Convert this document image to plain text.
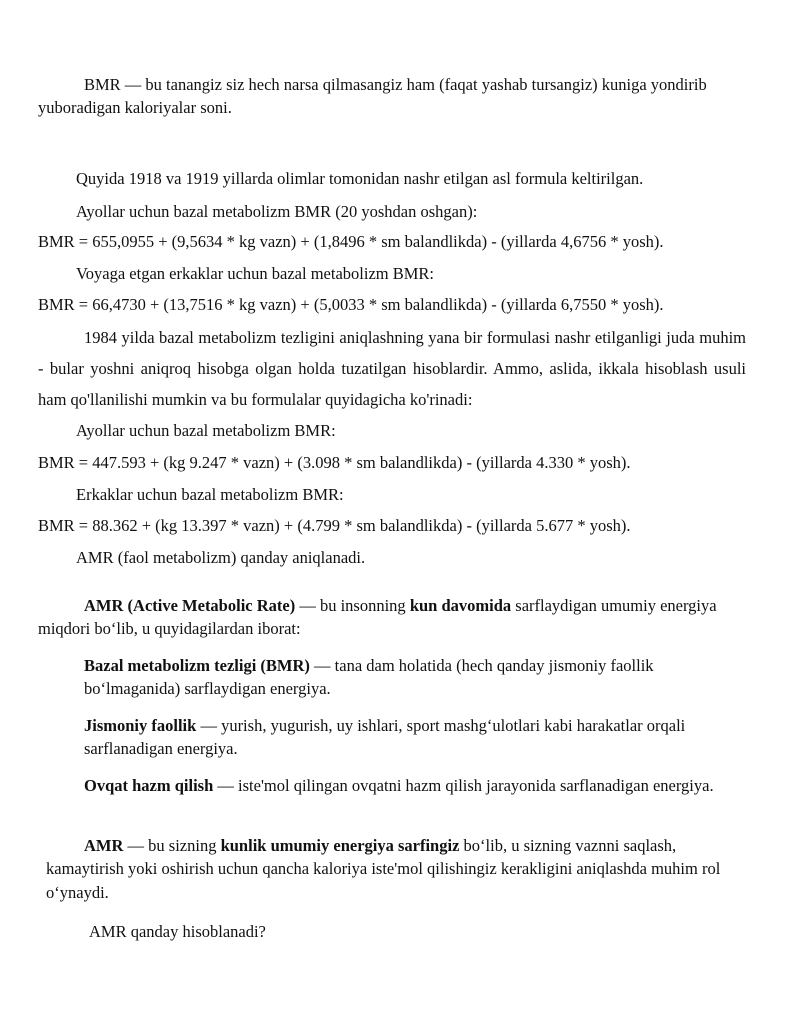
BMR — bu tanangiz siz hech narsa qilmasangiz ham (faqat yashab tursangiz) kuniga yondirib yuboradigan kaloriyalar soni.

Quyida 1918 va 1919 yillarda olimlar tomonidan nashr etilgan asl formula keltirilgan.

Ayollar uchun bazal metabolizm BMR (20 yoshdan oshgan):

BMR = 655,0955 + (9,5634 * kg vazn) + (1,8496 * sm balandlikda) - (yillarda 4,6756 * yosh).

Voyaga etgan erkaklar uchun bazal metabolizm BMR:

BMR = 66,4730 + (13,7516 * kg vazn) + (5,0033 * sm balandlikda) - (yillarda 6,7550 * yosh).

1984 yilda bazal metabolizm tezligini aniqlashning yana bir formulasi nashr etilganligi juda muhim - bular yoshni aniqroq hisobga olgan holda tuzatilgan hisoblardir. Ammo, aslida, ikkala hisoblash usuli ham qo'llanilishi mumkin va bu formulalar quyidagicha ko'rinadi:

Ayollar uchun bazal metabolizm BMR:

BMR = 447.593 + (kg 9.247 * vazn) + (3.098 * sm balandlikda) - (yillarda 4.330 * yosh).

Erkaklar uchun bazal metabolizm BMR:

BMR = 88.362 + (kg 13.397 * vazn) + (4.799 * sm balandlikda) - (yillarda 5.677 * yosh).

AMR (faol metabolizm) qanday aniqlanadi.

AMR (Active Metabolic Rate) — bu insonning kun davomida sarflaydigan umumiy energiya miqdori bo‘lib, u quyidagilardan iborat:

Bazal metabolizm tezligi (BMR) — tana dam holatida (hech qanday jismoniy faollik bo‘lmaganida) sarflaydigan energiya.

Jismoniy faollik — yurish, yugurish, uy ishlari, sport mashg‘ulotlari kabi harakatlar orqali sarflanadigan energiya.

Ovqat hazm qilish — iste'mol qilingan ovqatni hazm qilish jarayonida sarflanadigan energiya.

AMR — bu sizning kunlik umumiy energiya sarfingiz bo‘lib, u sizning vaznni saqlash, kamaytirish yoki oshirish uchun qancha kaloriya iste'mol qilishingiz kerakligini aniqlashda muhim rol o‘ynaydi.

AMR qanday hisoblanadi?
